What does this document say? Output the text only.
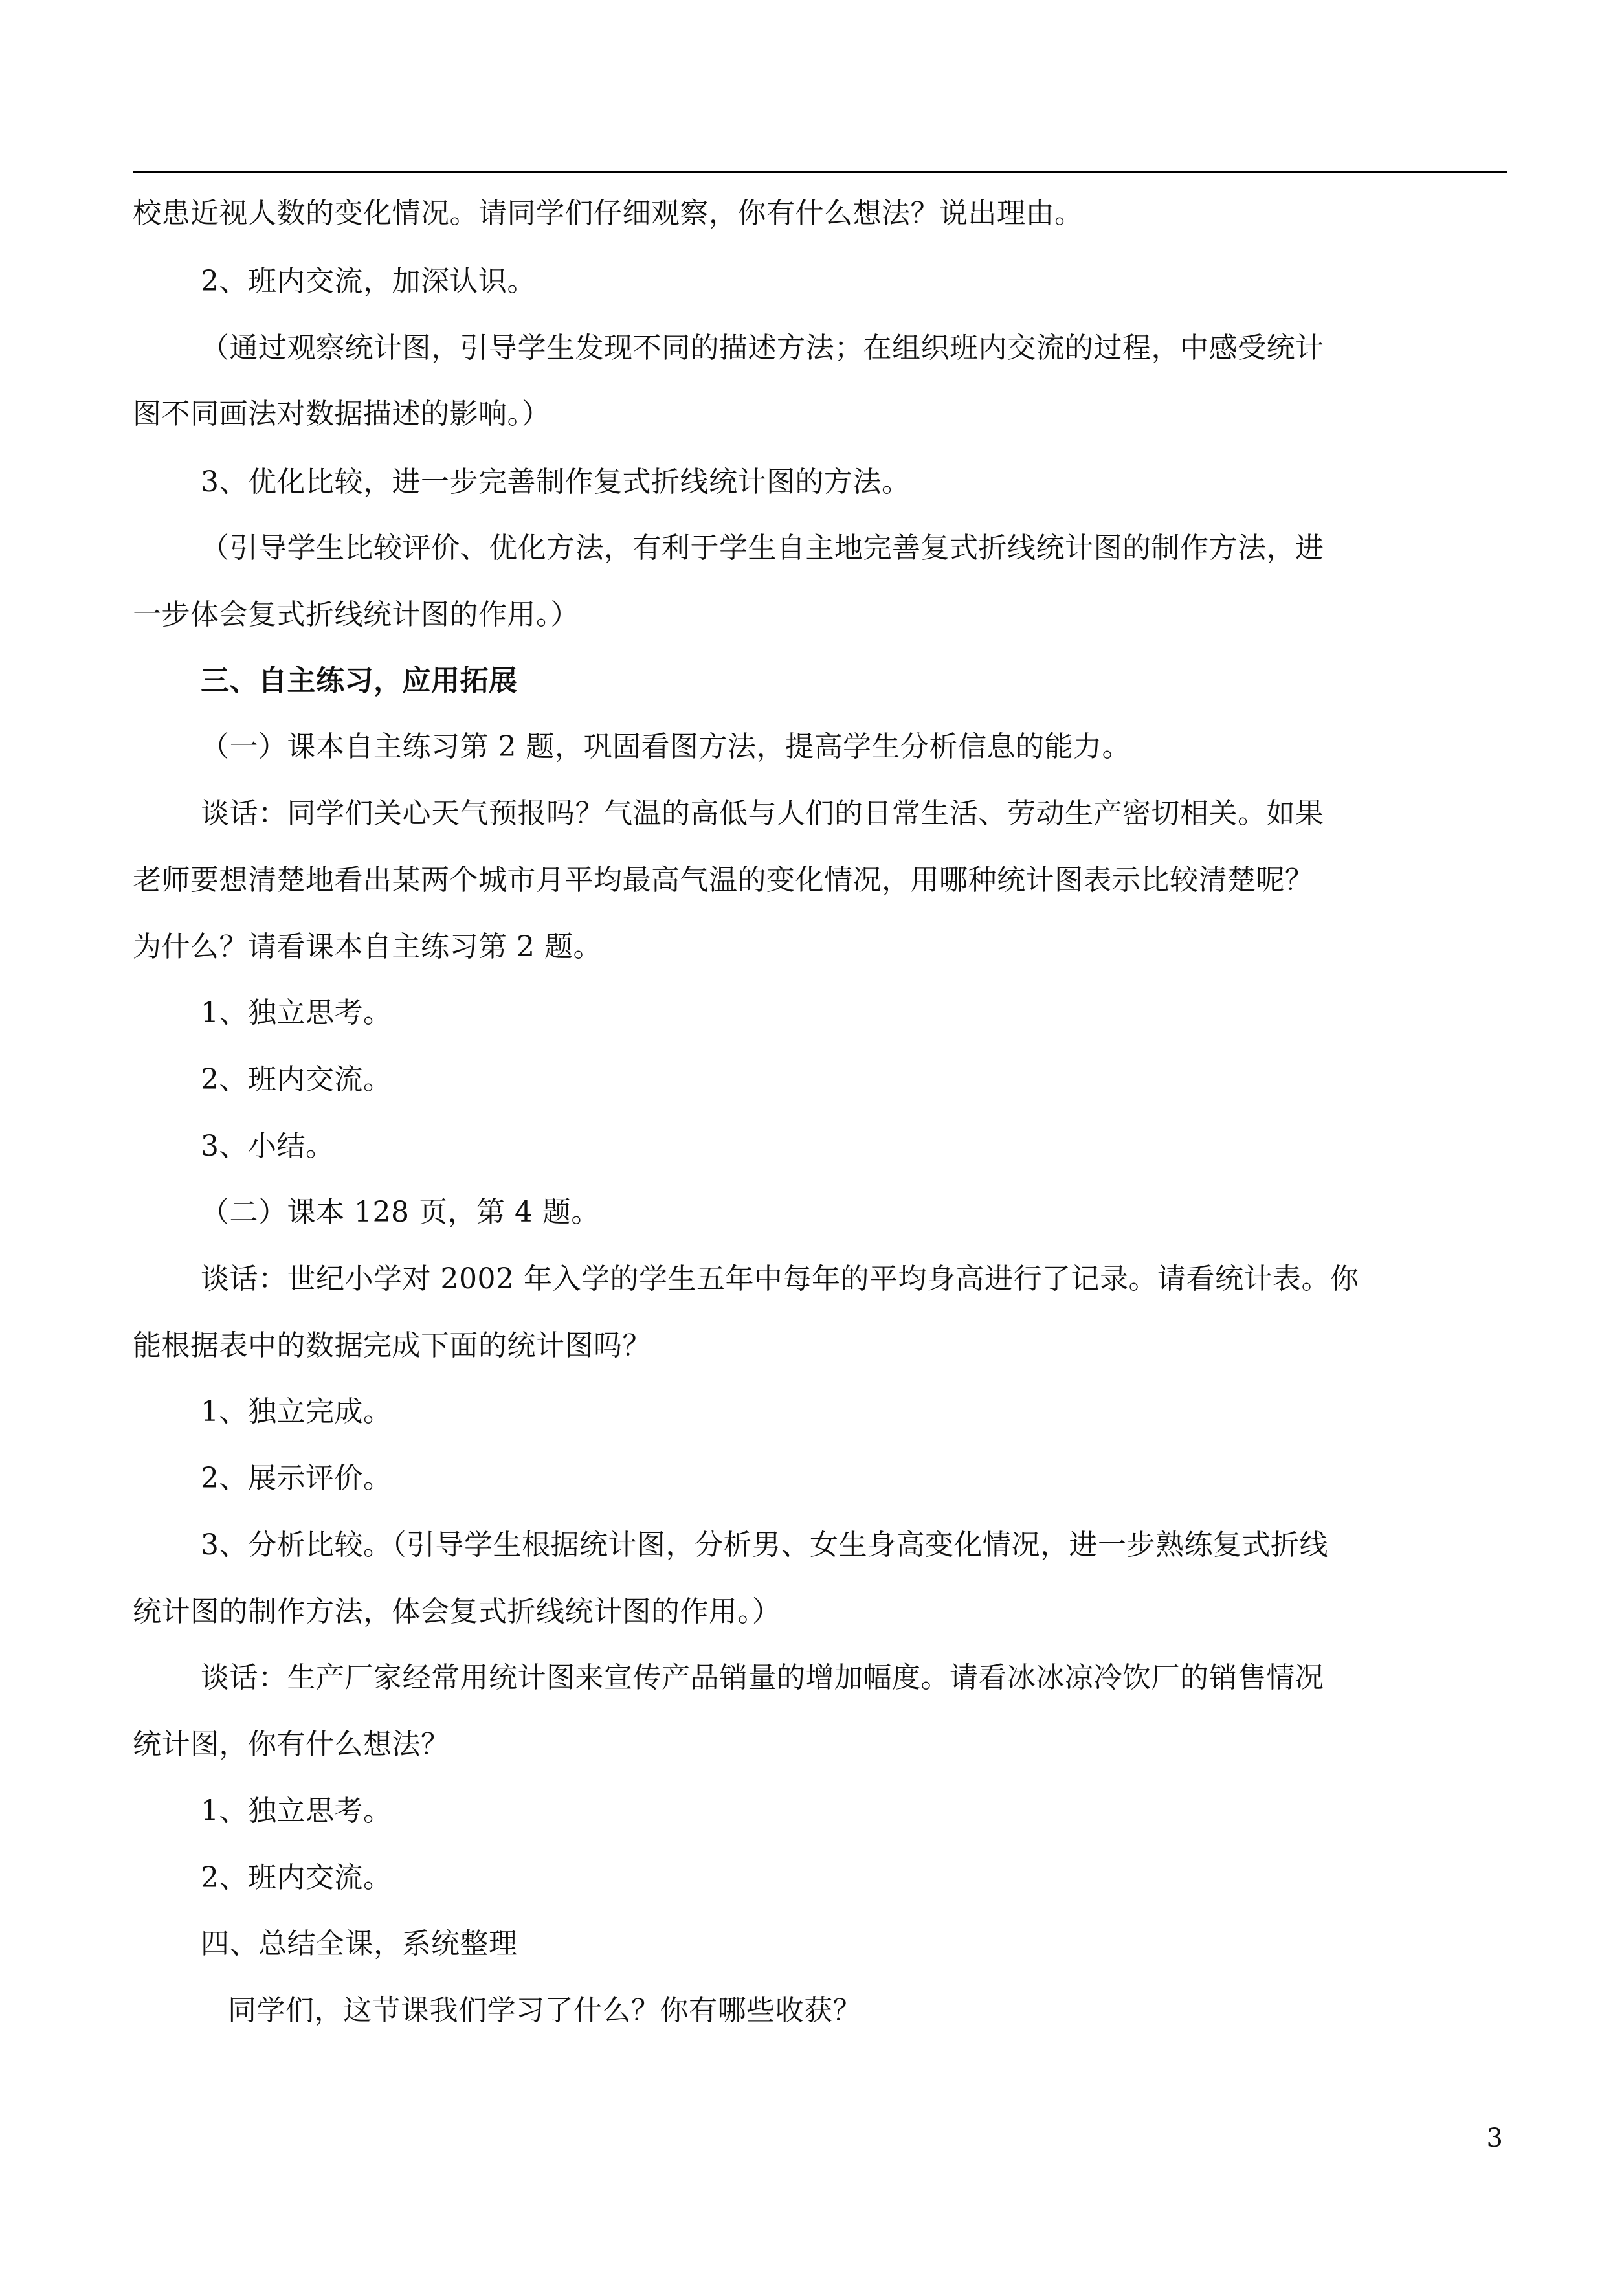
校患近视人数的变化情况。请同学们仔细观察，你有什么想法？说出理由。

2、班内交流，加深认识。

（通过观察统计图，引导学生发现不同的描述方法；在组织班内交流的过程，中感受统计

图不同画法对数据描述的影响。）

3、优化比较，进一步完善制作复式折线统计图的方法。

（引导学生比较评价、优化方法，有利于学生自主地完善复式折线统计图的制作方法，进

一步体会复式折线统计图的作用。）

三、自主练习，应用拓展

（一）课本自主练习第 2 题，巩固看图方法，提高学生分析信息的能力。

谈话：同学们关心天气预报吗？气温的高低与人们的日常生活、劳动生产密切相关。如果

老师要想清楚地看出某两个城市月平均最高气温的变化情况，用哪种统计图表示比较清楚呢？

为什么？请看课本自主练习第 2 题。

1、独立思考。

2、班内交流。

3、小结。

（二）课本 128 页，第 4 题。

谈话：世纪小学对 2002 年入学的学生五年中每年的平均身高进行了记录。请看统计表。你

能根据表中的数据完成下面的统计图吗？

1、独立完成。

2、展示评价。

3、分析比较。（引导学生根据统计图，分析男、女生身高变化情况，进一步熟练复式折线

统计图的制作方法，体会复式折线统计图的作用。）

谈话：生产厂家经常用统计图来宣传产品销量的增加幅度。请看冰冰凉冷饮厂的销售情况

统计图，你有什么想法？

1、独立思考。

2、班内交流。

四、总结全课，系统整理

同学们，这节课我们学习了什么？你有哪些收获？

3
